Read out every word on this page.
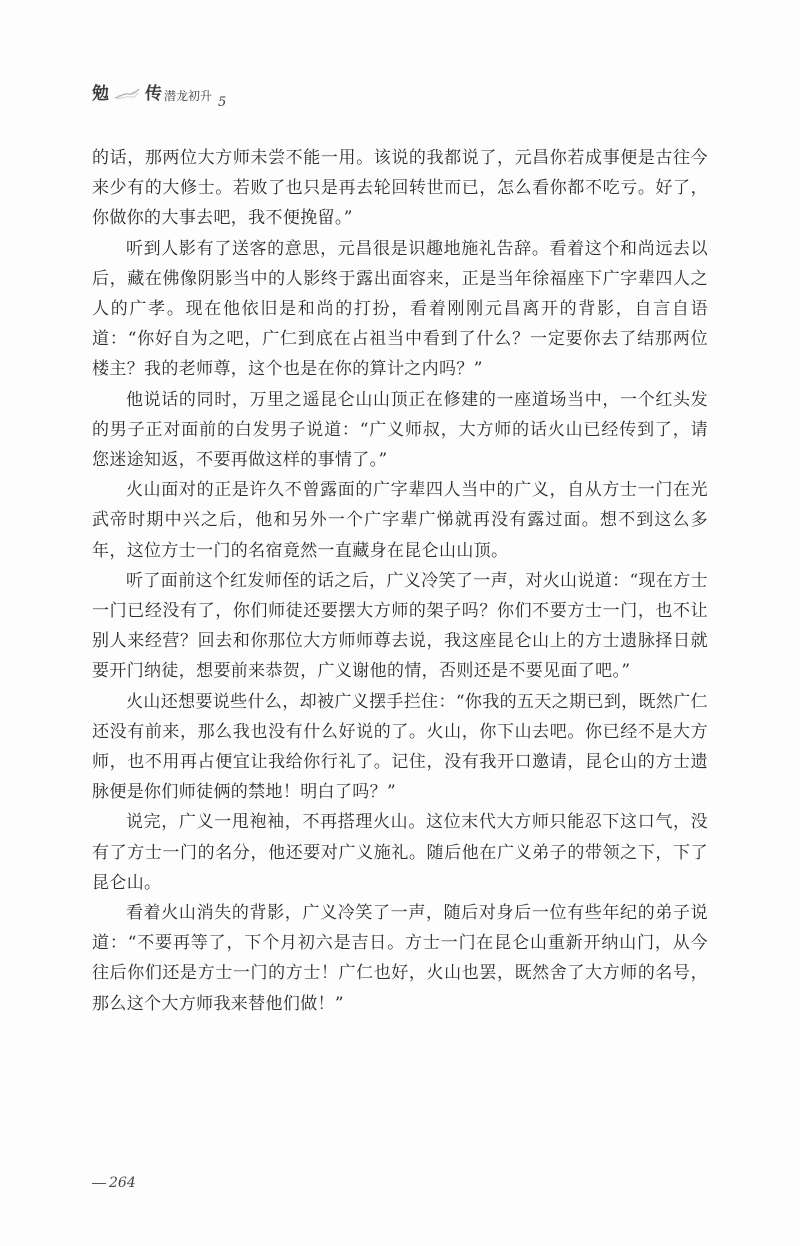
勉 传 潜龙初升 5

的话，那两位大方师未尝不能一用。该说的我都说了，元昌你若成事便是古往今来少有的大修士。若败了也只是再去轮回转世而已，怎么看你都不吃亏。好了，你做你的大事去吧，我不便挽留。”

听到人影有了送客的意思，元昌很是识趣地施礼告辞。看着这个和尚远去以后，藏在佛像阴影当中的人影终于露出面容来，正是当年徐福座下广字辈四人之人的广孝。现在他依旧是和尚的打扮，看着刚刚元昌离开的背影，自言自语道：“你好自为之吧，广仁到底在占祖当中看到了什么？一定要你去了结那两位楼主？我的老师尊，这个也是在你的算计之内吗？”

他说话的同时，万里之遥昆仑山山顶正在修建的一座道场当中，一个红头发的男子正对面前的白发男子说道：“广义师叔，大方师的话火山已经传到了，请您迷途知返，不要再做这样的事情了。”

火山面对的正是许久不曾露面的广字辈四人当中的广义，自从方士一门在光武帝时期中兴之后，他和另外一个广字辈广悌就再没有露过面。想不到这么多年，这位方士一门的名宿竟然一直藏身在昆仑山山顶。

听了面前这个红发师侄的话之后，广义冷笑了一声，对火山说道：“现在方士一门已经没有了，你们师徒还要摆大方师的架子吗？你们不要方士一门，也不让别人来经营？回去和你那位大方师师尊去说，我这座昆仑山上的方士遗脉择日就要开门纳徒，想要前来恭贺，广义谢他的情，否则还是不要见面了吧。”

火山还想要说些什么，却被广义摆手拦住：“你我的五天之期已到，既然广仁还没有前来，那么我也没有什么好说的了。火山，你下山去吧。你已经不是大方师，也不用再占便宜让我给你行礼了。记住，没有我开口邀请，昆仑山的方士遗脉便是你们师徒俩的禁地！明白了吗？”

说完，广义一甩袍袖，不再搭理火山。这位末代大方师只能忍下这口气，没有了方士一门的名分，他还要对广义施礼。随后他在广义弟子的带领之下，下了昆仑山。

看着火山消失的背影，广义冷笑了一声，随后对身后一位有些年纪的弟子说道：“不要再等了，下个月初六是吉日。方士一门在昆仑山重新开纳山门，从今往后你们还是方士一门的方士！广仁也好，火山也罢，既然舍了大方师的名号，那么这个大方师我来替他们做！”

264
